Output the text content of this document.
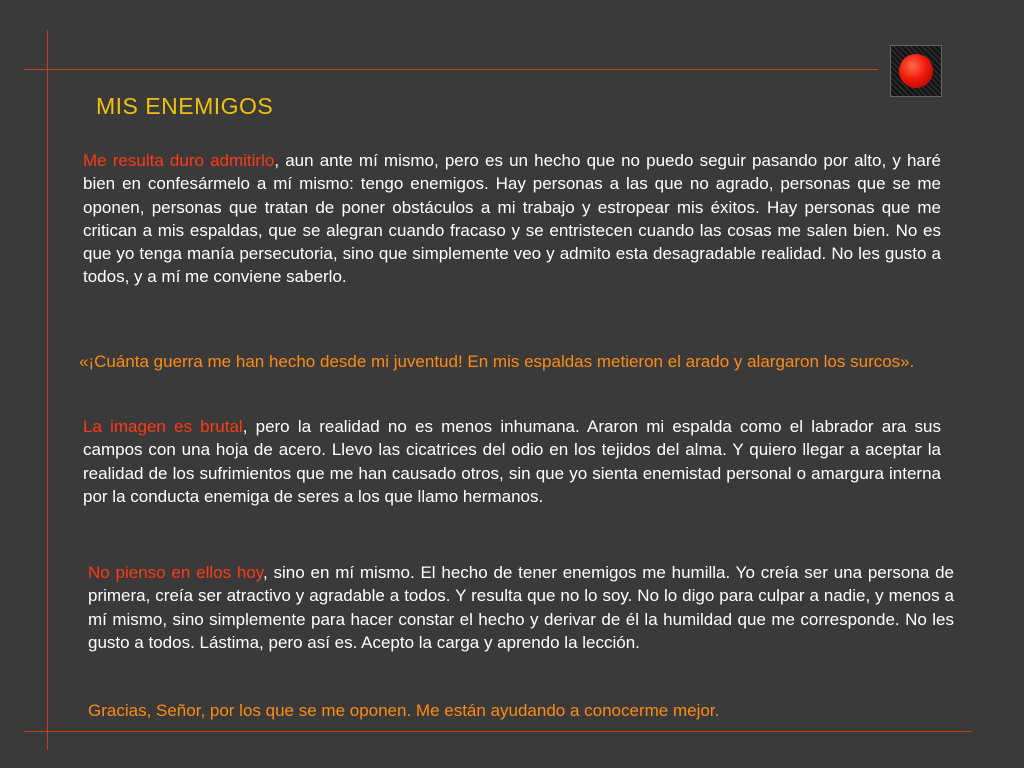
MIS ENEMIGOS

Me resulta duro admitirlo, aun ante mí mismo, pero es un hecho que no puedo seguir pasando por alto, y haré bien en confesármelo a mí mismo: tengo enemigos. Hay personas a las que no agrado, personas que se me oponen, personas que tratan de poner obstáculos a mi trabajo y estropear mis éxitos. Hay personas que me critican a mis espaldas, que se alegran cuando fracaso y se entristecen cuando las cosas me salen bien. No es que yo tenga manía persecutoria, sino que simplemente veo y admito esta desagradable realidad. No les gusto a todos, y a mí me conviene saberlo.

«¡Cuánta guerra me han hecho desde mi juventud! En mis espaldas metieron el arado y alargaron los surcos».

La imagen es brutal, pero la realidad no es menos inhumana. Araron mi espalda como el labrador ara sus campos con una hoja de acero. Llevo las cicatrices del odio en los tejidos del alma. Y quiero llegar a aceptar la realidad de los sufrimientos que me han causado otros, sin que yo sienta enemistad personal o amargura interna por la conducta enemiga de seres a los que llamo hermanos.

No pienso en ellos hoy, sino en mí mismo. El hecho de tener enemigos me humilla. Yo creía ser una persona de primera, creía ser atractivo y agradable a todos. Y resulta que no lo soy. No lo digo para culpar a nadie, y menos a mí mismo, sino simplemente para hacer constar el hecho y derivar de él la humildad que me corresponde. No les gusto a todos. Lástima, pero así es. Acepto la carga y aprendo la lección.

Gracias, Señor, por los que se me oponen. Me están ayudando a conocerme mejor.
